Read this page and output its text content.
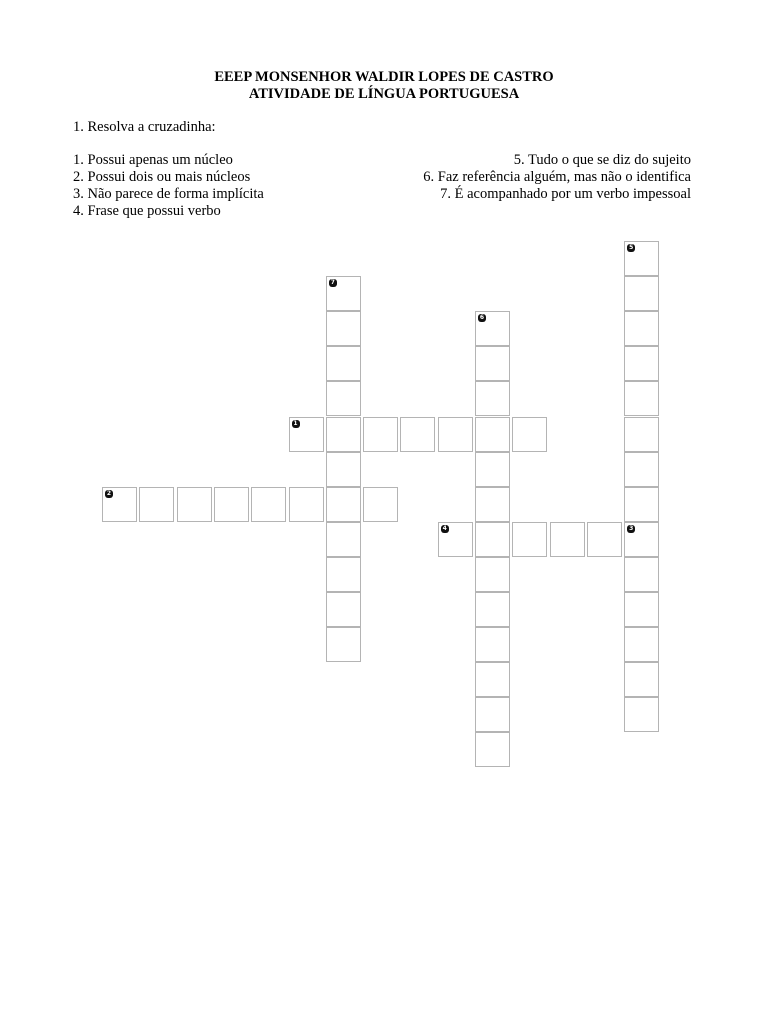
EEEP MONSENHOR WALDIR LOPES DE CASTRO
ATIVIDADE DE LÍNGUA PORTUGUESA
1. Resolva a cruzadinha:
1. Possui apenas um núcleo
2. Possui dois ou mais núcleos
3. Não parece de forma implícita
4. Frase que possui verbo
5. Tudo o que se diz do sujeito
6. Faz referência alguém, mas não o identifica
7. É acompanhado por um verbo impessoal
1
2
3
4
5
6
7
